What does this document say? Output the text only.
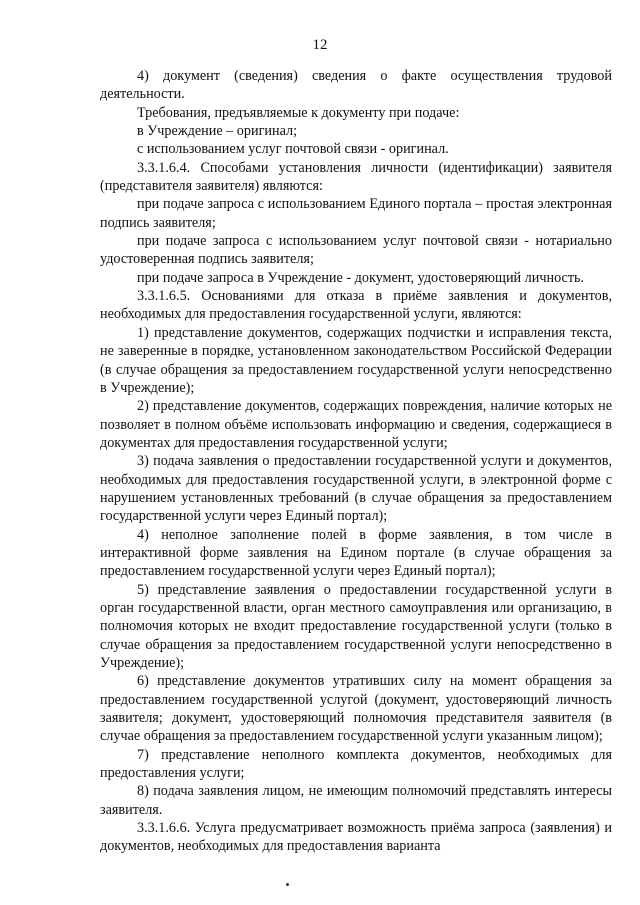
12

4) документ (сведения) сведения о факте осуществления трудовой деятельности.

Требования, предъявляемые к документу при подаче:

в Учреждение – оригинал;

с использованием услуг почтовой связи - оригинал.

3.3.1.6.4. Способами установления личности (идентификации) заявителя (представителя заявителя) являются:

при подаче запроса с использованием Единого портала – простая электронная подпись заявителя;

при подаче запроса с использованием услуг почтовой связи - нотариально удостоверенная подпись заявителя;

при подаче запроса в Учреждение - документ, удостоверяющий личность.

3.3.1.6.5. Основаниями для отказа в приёме заявления и документов, необходимых для предоставления государственной услуги, являются:

1) представление документов, содержащих подчистки и исправления текста, не заверенные в порядке, установленном законодательством Российской Федерации (в случае обращения за предоставлением государственной услуги непосредственно в Учреждение);

2) представление документов, содержащих повреждения, наличие которых не позволяет в полном объёме использовать информацию и сведения, содержащиеся в документах для предоставления государственной услуги;

3) подача заявления о предоставлении государственной услуги и документов, необходимых для предоставления государственной услуги, в электронной форме с нарушением установленных требований (в случае обращения за предоставлением государственной услуги через Единый портал);

4) неполное заполнение полей в форме заявления, в том числе в интерактивной форме заявления на Едином портале (в случае обращения за предоставлением государственной услуги через Единый портал);

5) представление заявления о предоставлении государственной услуги в орган государственной власти, орган местного самоуправления или организацию, в полномочия которых не входит предоставление государственной услуги (только в случае обращения за предоставлением государственной услуги непосредственно в Учреждение);

6) представление документов утративших силу на момент обращения за предоставлением государственной услугой (документ, удостоверяющий личность заявителя; документ, удостоверяющий полномочия представителя заявителя (в случае обращения за предоставлением государственной услуги указанным лицом);

7) представление неполного комплекта документов, необходимых для предоставления услуги;

8) подача заявления лицом, не имеющим полномочий представлять интересы заявителя.

3.3.1.6.6. Услуга предусматривает возможность приёма запроса (заявления) и документов, необходимых для предоставления варианта
